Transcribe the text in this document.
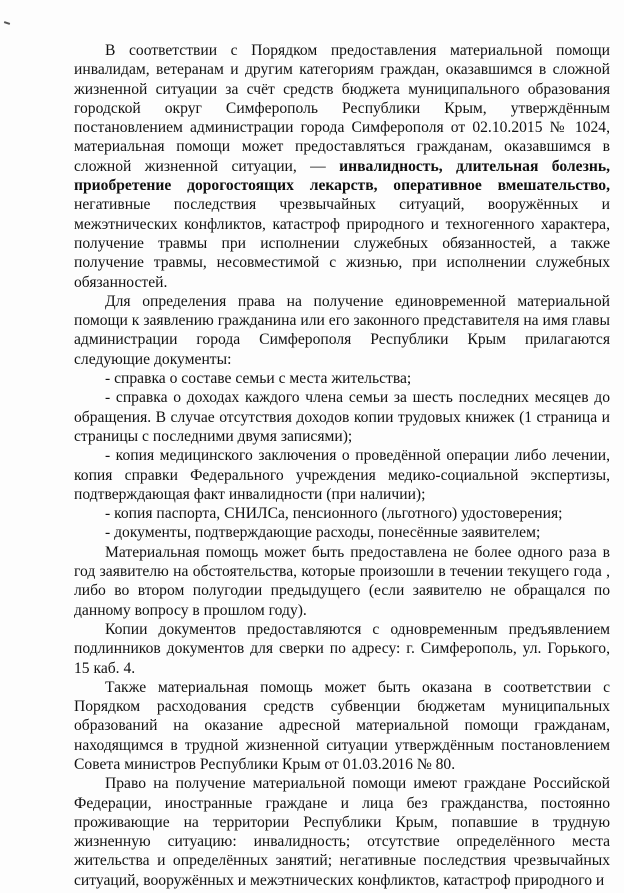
В соответствии с Порядком предоставления материальной помощи инвалидам, ветеранам и другим категориям граждан, оказавшимся в сложной жизненной ситуации за счёт средств бюджета муниципального образования городской округ Симферополь Республики Крым, утверждённым постановлением администрации города Симферополя от 02.10.2015 № 1024, материальная помощи может предоставляться гражданам, оказавшимся в сложной жизненной ситуации, — инвалидность, длительная болезнь, приобретение дорогостоящих лекарств, оперативное вмешательство, негативные последствия чрезвычайных ситуаций, вооружённых и межэтнических конфликтов, катастроф природного и техногенного характера, получение травмы при исполнении служебных обязанностей, а также получение травмы, несовместимой с жизнью, при исполнении служебных обязанностей.

Для определения права на получение единовременной материальной помощи к заявлению гражданина или его законного представителя на имя главы администрации города Симферополя Республики Крым прилагаются следующие документы:

- справка о составе семьи с места жительства;

- справка о доходах каждого члена семьи за шесть последних месяцев до обращения. В случае отсутствия доходов копии трудовых книжек (1 страница и страницы с последними двумя записями);

- копия медицинского заключения о проведённой операции либо лечении, копия справки Федерального учреждения медико-социальной экспертизы, подтверждающая факт инвалидности (при наличии);

- копия паспорта, СНИЛСа, пенсионного (льготного) удостоверения;

- документы, подтверждающие расходы, понесённые заявителем;

Материальная помощь может быть предоставлена не более одного раза в год заявителю на обстоятельства, которые произошли в течении текущего года , либо во втором полугодии предыдущего (если заявителю не обращался по данному вопросу в прошлом году).

Копии документов предоставляются с одновременным предъявлением подлинников документов для сверки по адресу: г. Симферополь, ул. Горького, 15 каб. 4.

Также материальная помощь может быть оказана в соответствии с Порядком расходования средств субвенции бюджетам муниципальных образований на оказание адресной материальной помощи гражданам, находящимся в трудной жизненной ситуации утверждённым постановлением Совета министров Республики Крым от 01.03.2016 № 80.

Право на получение материальной помощи имеют граждане Российской Федерации, иностранные граждане и лица без гражданства, постоянно проживающие на территории Республики Крым, попавшие в трудную жизненную ситуацию: инвалидность; отсутствие определённого места жительства и определённых занятий; негативные последствия чрезвычайных ситуаций, вооружённых и межэтнических конфликтов, катастроф природного и
